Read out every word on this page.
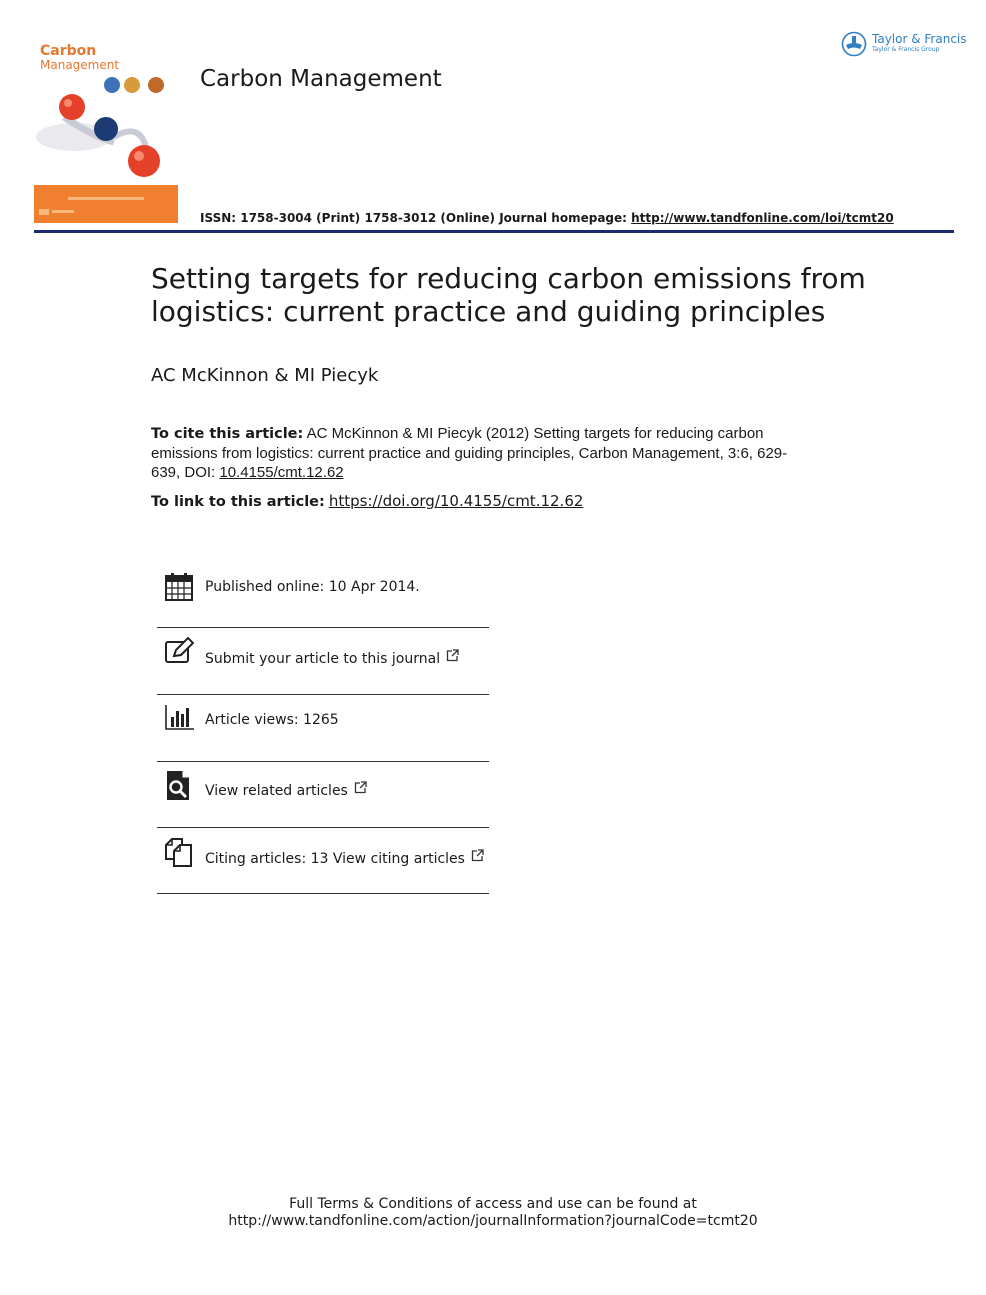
Carbon
Management
Carbon Management
Taylor & Francis
Taylor & Francis Group
ISSN: 1758-3004 (Print) 1758-3012 (Online) Journal homepage: http://www.tandfonline.com/loi/tcmt20
Setting targets for reducing carbon emissions from logistics: current practice and guiding principles
AC McKinnon & MI Piecyk
To cite this article: AC McKinnon & MI Piecyk (2012) Setting targets for reducing carbon emissions from logistics: current practice and guiding principles, Carbon Management, 3:6, 629-639, DOI: 10.4155/cmt.12.62
To link to this article: https://doi.org/10.4155/cmt.12.62
Published online: 10 Apr 2014.
Submit your article to this journal
Article views: 1265
View related articles
Citing articles: 13 View citing articles
Full Terms & Conditions of access and use can be found at
http://www.tandfonline.com/action/journalInformation?journalCode=tcmt20
